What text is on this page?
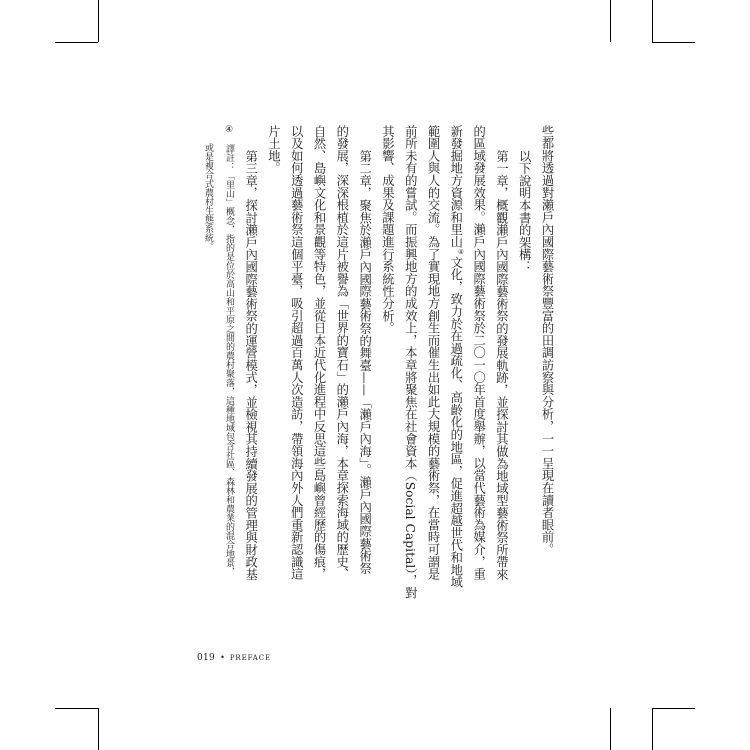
些都將透過對瀨戶內國際藝術祭豐富的田調訪察與分析，一一呈現在讀者眼前。
以下說明本書的架構：
第一章，概觀瀨戶內國際藝術祭的發展軌跡，並探討其做為地域型藝術祭所帶來
的區域發展效果。瀨戶內國際藝術祭於二〇一〇年首度舉辦，以當代藝術為媒介，重
新發掘地方資源和里山④文化，致力於在過疏化、高齡化的地區，促進超越世代和地域
範圍人與人的交流。為了實現地方創生而催生出如此大規模的藝術祭，在當時可謂是
前所未有的嘗試。而振興地方的成效上，本章將聚焦在社會資本（Social Capital），對
其影響、成果及課題進行系統性分析。
第二章，聚焦於瀨戶內國際藝術祭的舞臺——「瀨戶內海」。瀨戶內國際藝術祭
的發展，深深根植於這片被譽為「世界的寶石」的瀨戶內海，本章探索海域的歷史、
自然、島嶼文化和景觀等特色，並從日本近代化進程中反思這些島嶼曾經歷的傷痕，
以及如何透過藝術祭這個平臺，吸引超過百萬人次造訪，帶領海內外人們重新認識這
片土地。
第三章，探討瀨戶內國際藝術祭的運營模式，並檢視其持續發展的管理與財政基
④譯註：「里山」概念，指的是位於高山和平原之間的農村聚落，這種地域包含社區、森林和農業的混合地景，
或是複合式農村生態系統。
019 • PREFACE
